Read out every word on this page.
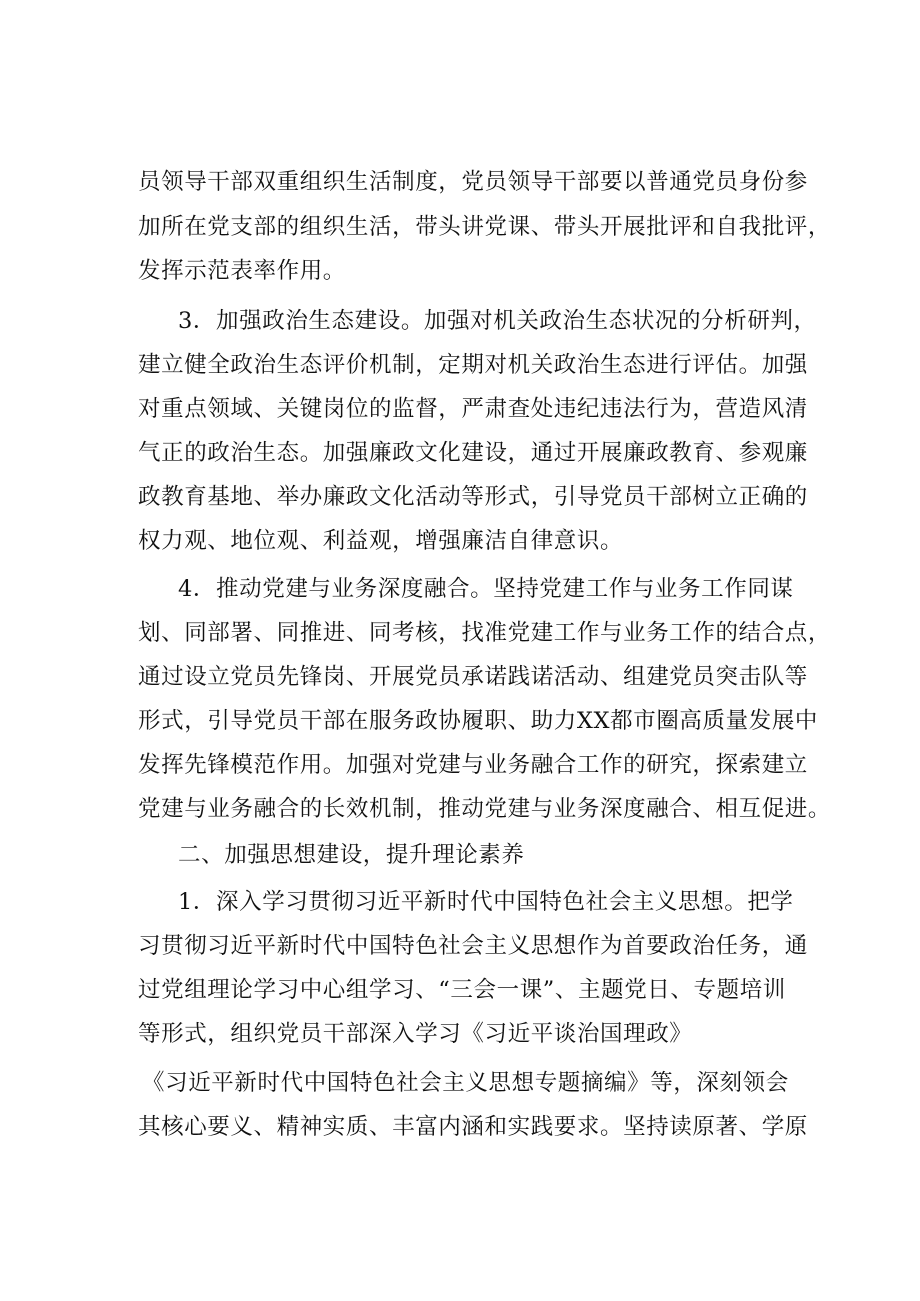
员领导干部双重组织生活制度，党员领导干部要以普通党员身份参
加所在党支部的组织生活，带头讲党课、带头开展批评和自我批评，
发挥示范表率作用。
3．加强政治生态建设。加强对机关政治生态状况的分析研判，
建立健全政治生态评价机制，定期对机关政治生态进行评估。加强
对重点领域、关键岗位的监督，严肃查处违纪违法行为，营造风清
气正的政治生态。加强廉政文化建设，通过开展廉政教育、参观廉
政教育基地、举办廉政文化活动等形式，引导党员干部树立正确的
权力观、地位观、利益观，增强廉洁自律意识。
4．推动党建与业务深度融合。坚持党建工作与业务工作同谋
划、同部署、同推进、同考核，找准党建工作与业务工作的结合点，
通过设立党员先锋岗、开展党员承诺践诺活动、组建党员突击队等
形式，引导党员干部在服务政协履职、助力XX都市圈高质量发展中
发挥先锋模范作用。加强对党建与业务融合工作的研究，探索建立
党建与业务融合的长效机制，推动党建与业务深度融合、相互促进。
二、加强思想建设，提升理论素养
1．深入学习贯彻习近平新时代中国特色社会主义思想。把学
习贯彻习近平新时代中国特色社会主义思想作为首要政治任务，通
过党组理论学习中心组学习、“三会一课”、主题党日、专题培训
等形式，组织党员干部深入学习《习近平谈治国理政》
《习近平新时代中国特色社会主义思想专题摘编》等，深刻领会
其核心要义、精神实质、丰富内涵和实践要求。坚持读原著、学原
